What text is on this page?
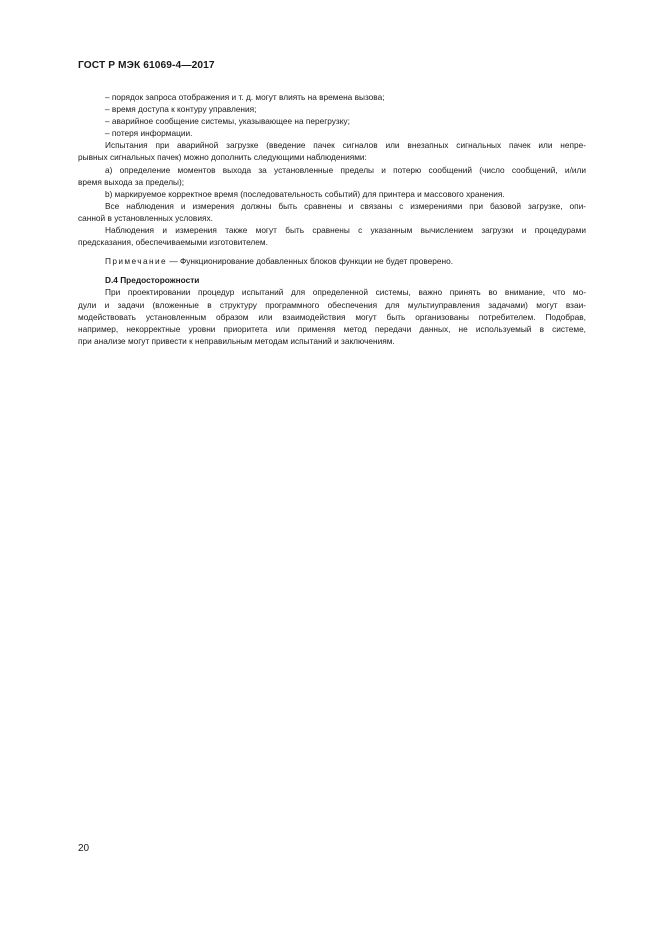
ГОСТ Р МЭК 61069-4—2017
– порядок запроса отображения и т. д. могут влиять на времена вызова;
– время доступа к контуру управления;
– аварийное сообщение системы, указывающее на перегрузку;
– потеря информации.
Испытания при аварийной загрузке (введение пачек сигналов или внезапных сигнальных пачек или непре-
рывных сигнальных пачек) можно дополнить следующими наблюдениями:
a) определение моментов выхода за установленные пределы и потерю сообщений (число сообщений, и/или
время выхода за пределы);
b) маркируемое корректное время (последовательность событий) для принтера и массового хранения.
Все наблюдения и измерения должны быть сравнены и связаны с измерениями при базовой загрузке, опи-
санной в установленных условиях.
Наблюдения и измерения также могут быть сравнены с указанным вычислением загрузки и процедурами
предсказания, обеспечиваемыми изготовителем.
Примечание — Функционирование добавленных блоков функции не будет проверено.
D.4 Предосторожности
При проектировании процедур испытаний для определенной системы, важно принять во внимание, что мо-
дули и задачи (вложенные в структуру программного обеспечения для мультиуправления задачами) могут взаи-
модействовать установленным образом или взаимодействия могут быть организованы потребителем. Подобрав,
например, некорректные уровни приоритета или применяя метод передачи данных, не используемый в системе,
при анализе могут привести к неправильным методам испытаний и заключениям.
20
